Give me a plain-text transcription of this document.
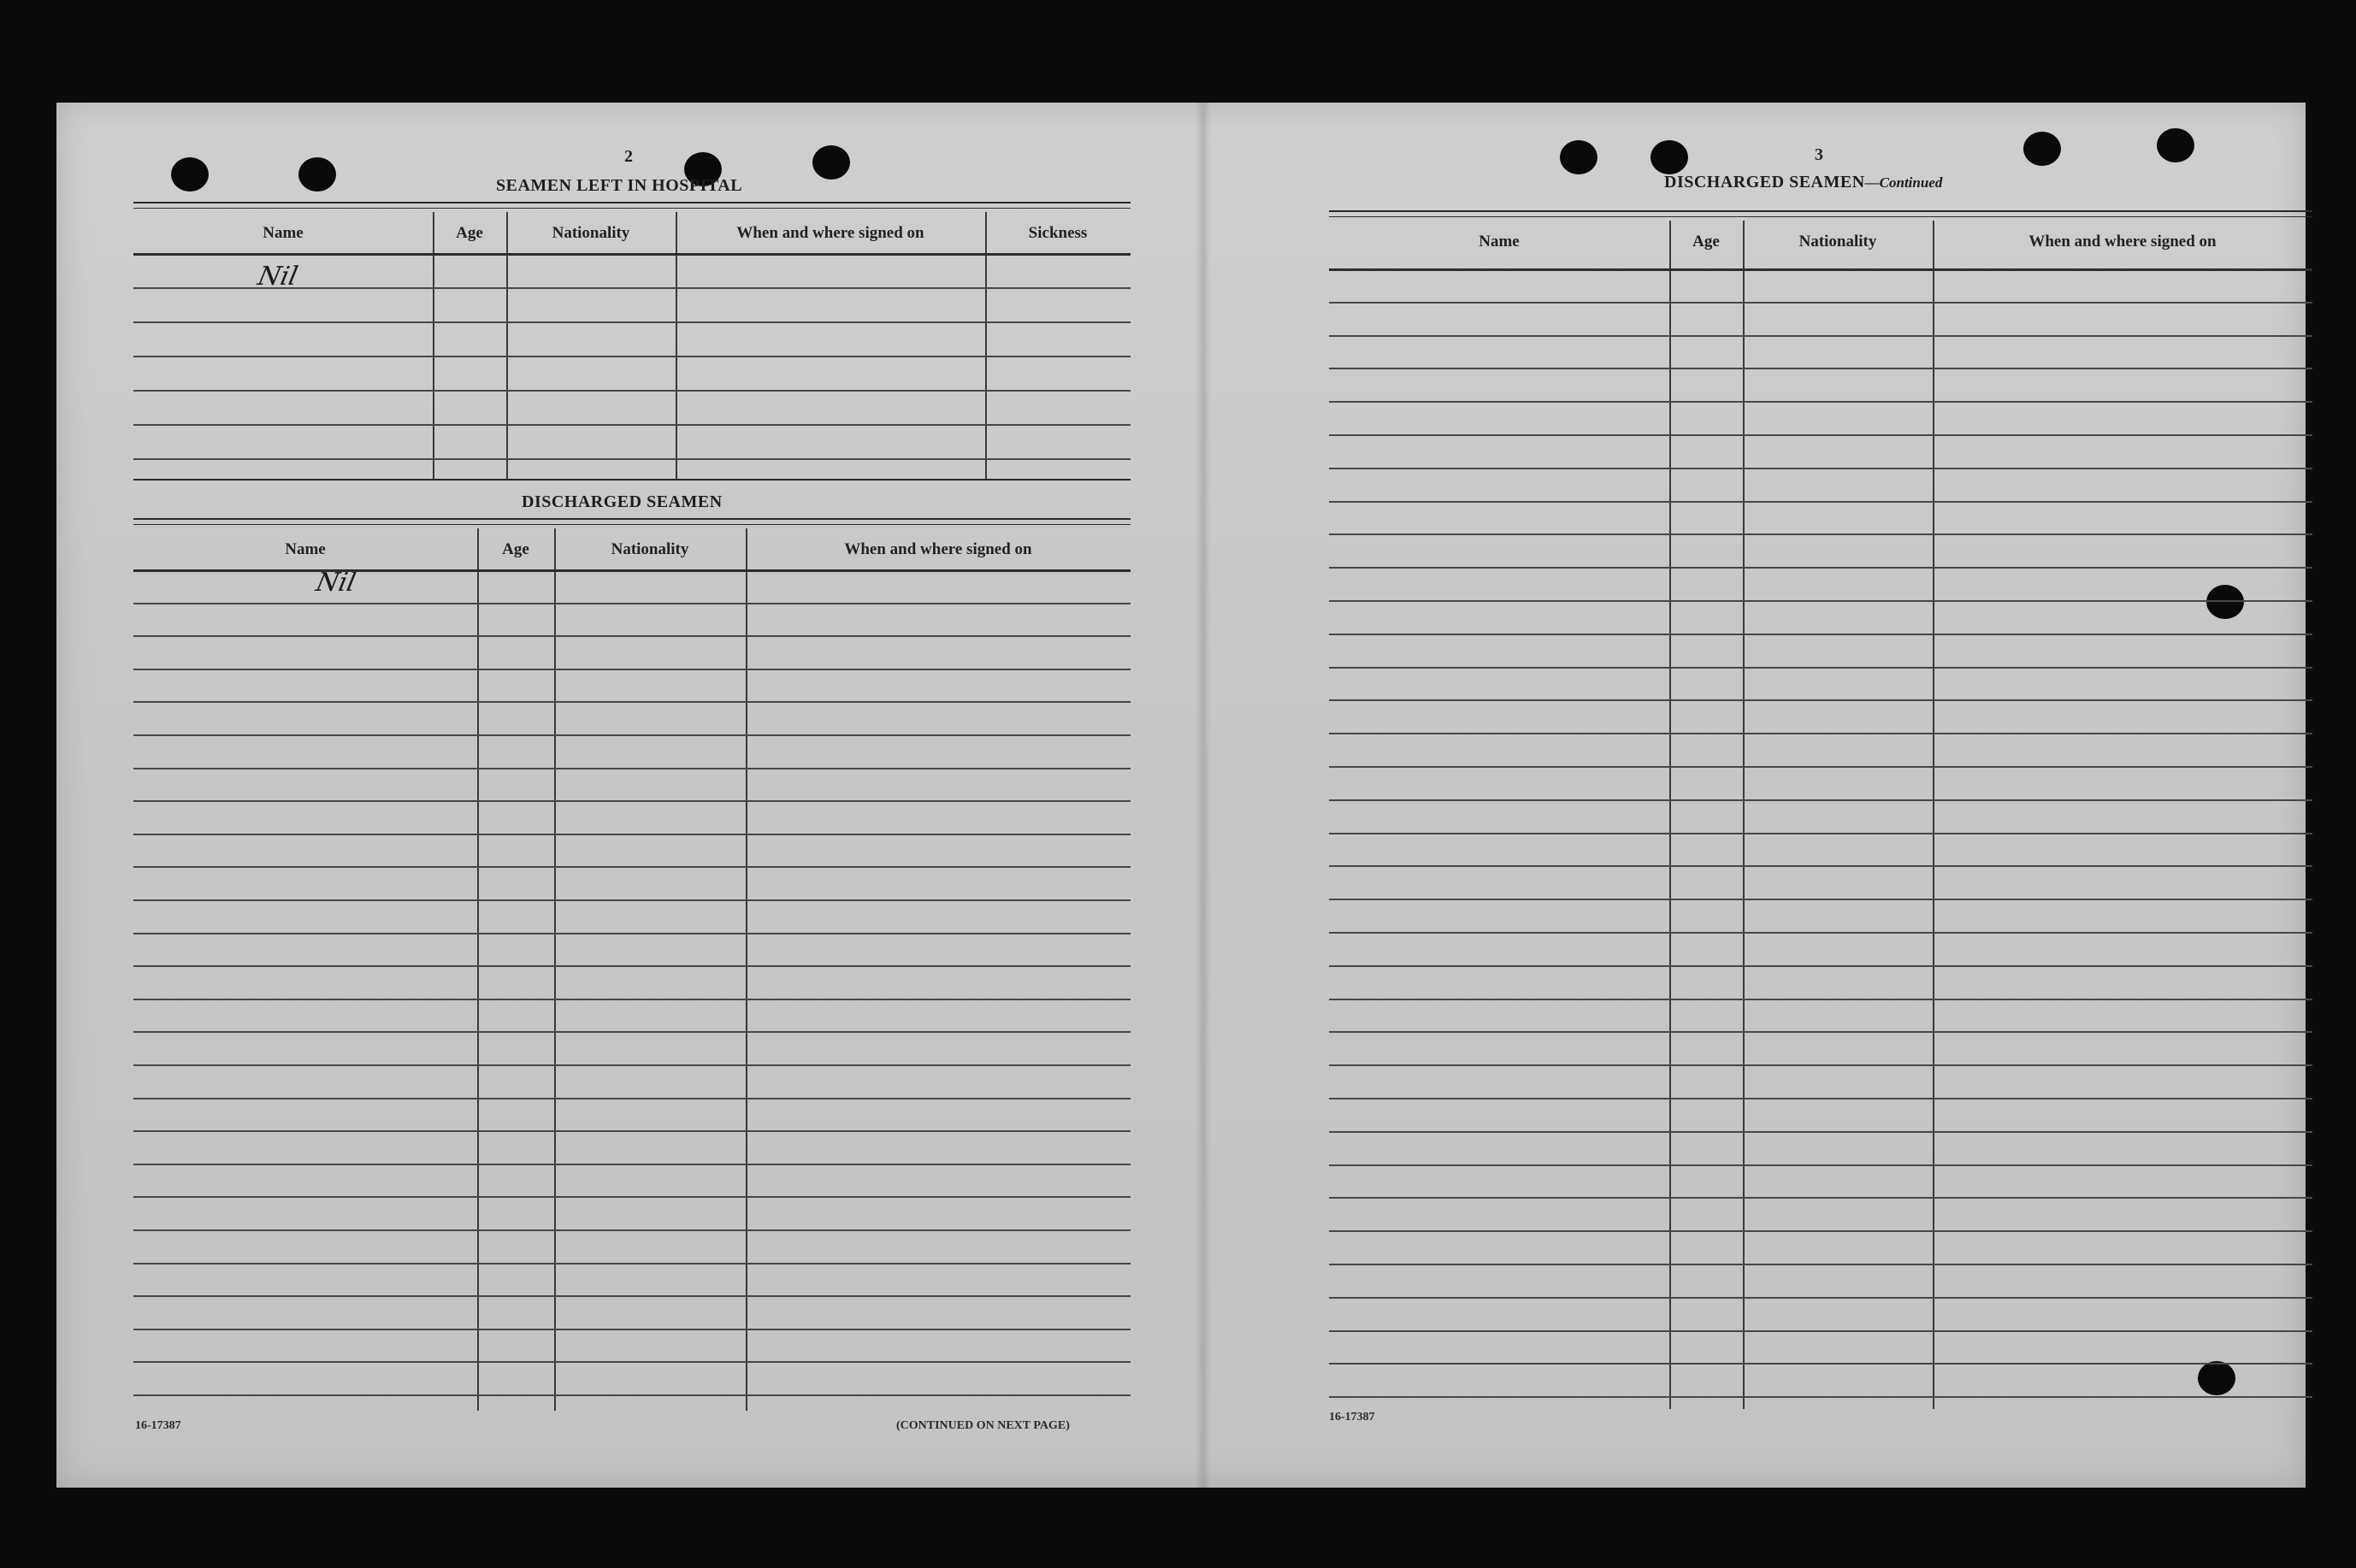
2
SEAMEN LEFT IN HOSPITAL
Name	Age	Nationality	When and where signed on	Sickness
Nil
DISCHARGED SEAMEN
Name	Age	Nationality	When and where signed on
Nil
16-17387	(CONTINUED ON NEXT PAGE)
3
DISCHARGED SEAMEN—Continued
Name	Age	Nationality	When and where signed on
16-17387
